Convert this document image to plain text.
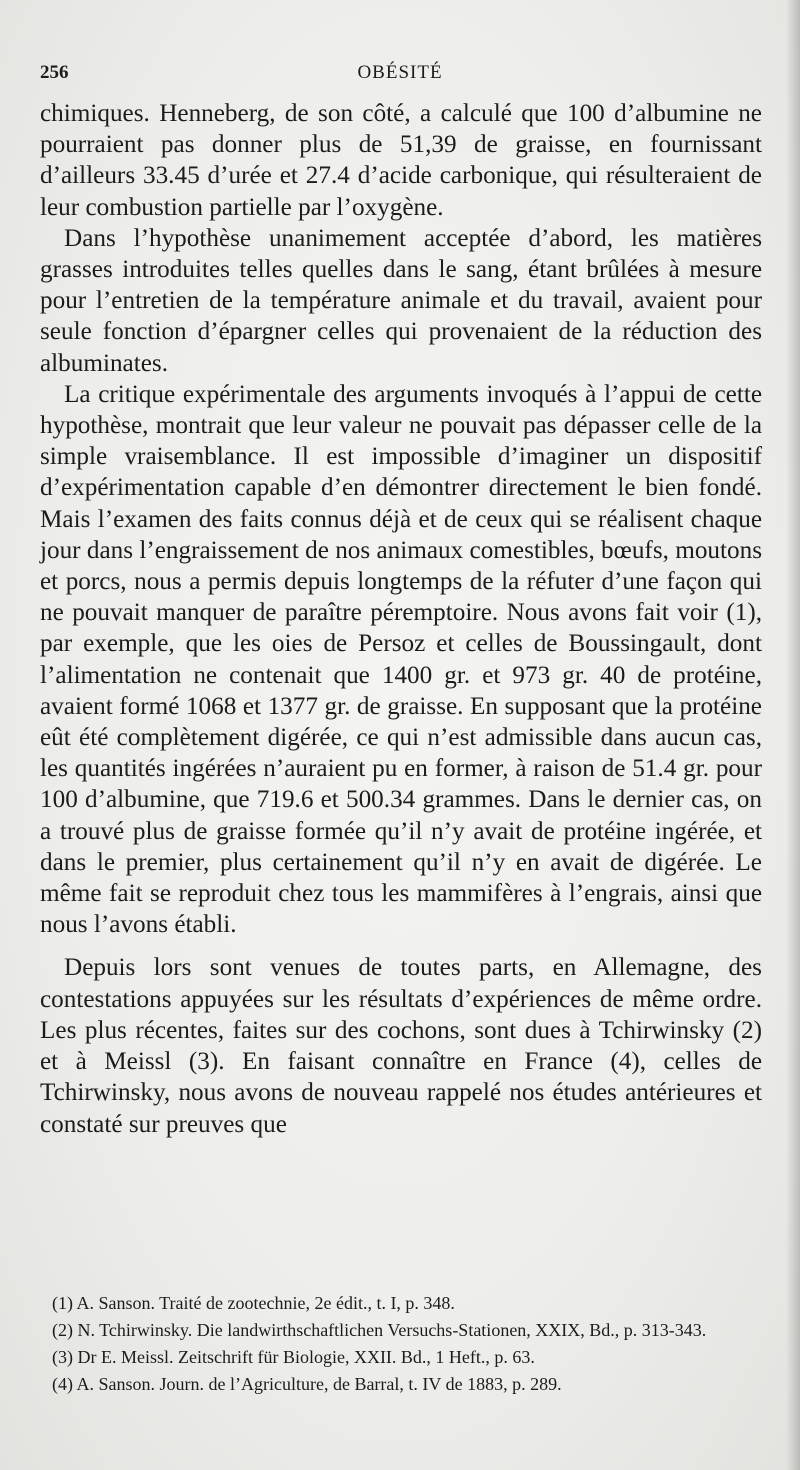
256	OBÉSITÉ

chimiques. Henneberg, de son côté, a calculé que 100 d’albumine ne pourraient pas donner plus de 51,39 de graisse, en fournissant d’ailleurs 33.45 d’urée et 27.4 d’acide carbonique, qui résulteraient de leur combustion partielle par l’oxygène.

Dans l’hypothèse unanimement acceptée d’abord, les matières grasses introduites telles quelles dans le sang, étant brûlées à mesure pour l’entretien de la température animale et du travail, avaient pour seule fonction d’épargner celles qui provenaient de la réduction des albuminates.

La critique expérimentale des arguments invoqués à l’appui de cette hypothèse, montrait que leur valeur ne pouvait pas dépasser celle de la simple vraisemblance. Il est impossible d’imaginer un dispositif d’expérimentation capable d’en démontrer directement le bien fondé. Mais l’examen des faits connus déjà et de ceux qui se réalisent chaque jour dans l’engraissement de nos animaux comestibles, bœufs, moutons et porcs, nous a permis depuis longtemps de la réfuter d’une façon qui ne pouvait manquer de paraître péremptoire. Nous avons fait voir (1), par exemple, que les oies de Persoz et celles de Boussingault, dont l’alimentation ne contenait que 1400 gr. et 973 gr. 40 de protéine, avaient formé 1068 et 1377 gr. de graisse. En supposant que la protéine eût été complètement digérée, ce qui n’est admissible dans aucun cas, les quantités ingérées n’auraient pu en former, à raison de 51.4 gr. pour 100 d’albumine, que 719.6 et 500.34 grammes. Dans le dernier cas, on a trouvé plus de graisse formée qu’il n’y avait de protéine ingérée, et dans le premier, plus certainement qu’il n’y en avait de digérée. Le même fait se reproduit chez tous les mammifères à l’engrais, ainsi que nous l’avons établi.

Depuis lors sont venues de toutes parts, en Allemagne, des contestations appuyées sur les résultats d’expériences de même ordre. Les plus récentes, faites sur des cochons, sont dues à Tchirwinsky (2) et à Meissl (3). En faisant connaître en France (4), celles de Tchirwinsky, nous avons de nouveau rappelé nos études antérieures et constaté sur preuves que

(1) A. Sanson. Traité de zootechnie, 2e édit., t. I, p. 348.

(2) N. Tchirwinsky. Die landwirthschaftlichen Versuchs-Stationen, XXIX, Bd., p. 313-343.

(3) Dr E. Meissl. Zeitschrift für Biologie, XXII. Bd., 1 Heft., p. 63.

(4) A. Sanson. Journ. de l’Agriculture, de Barral, t. IV de 1883, p. 289.
